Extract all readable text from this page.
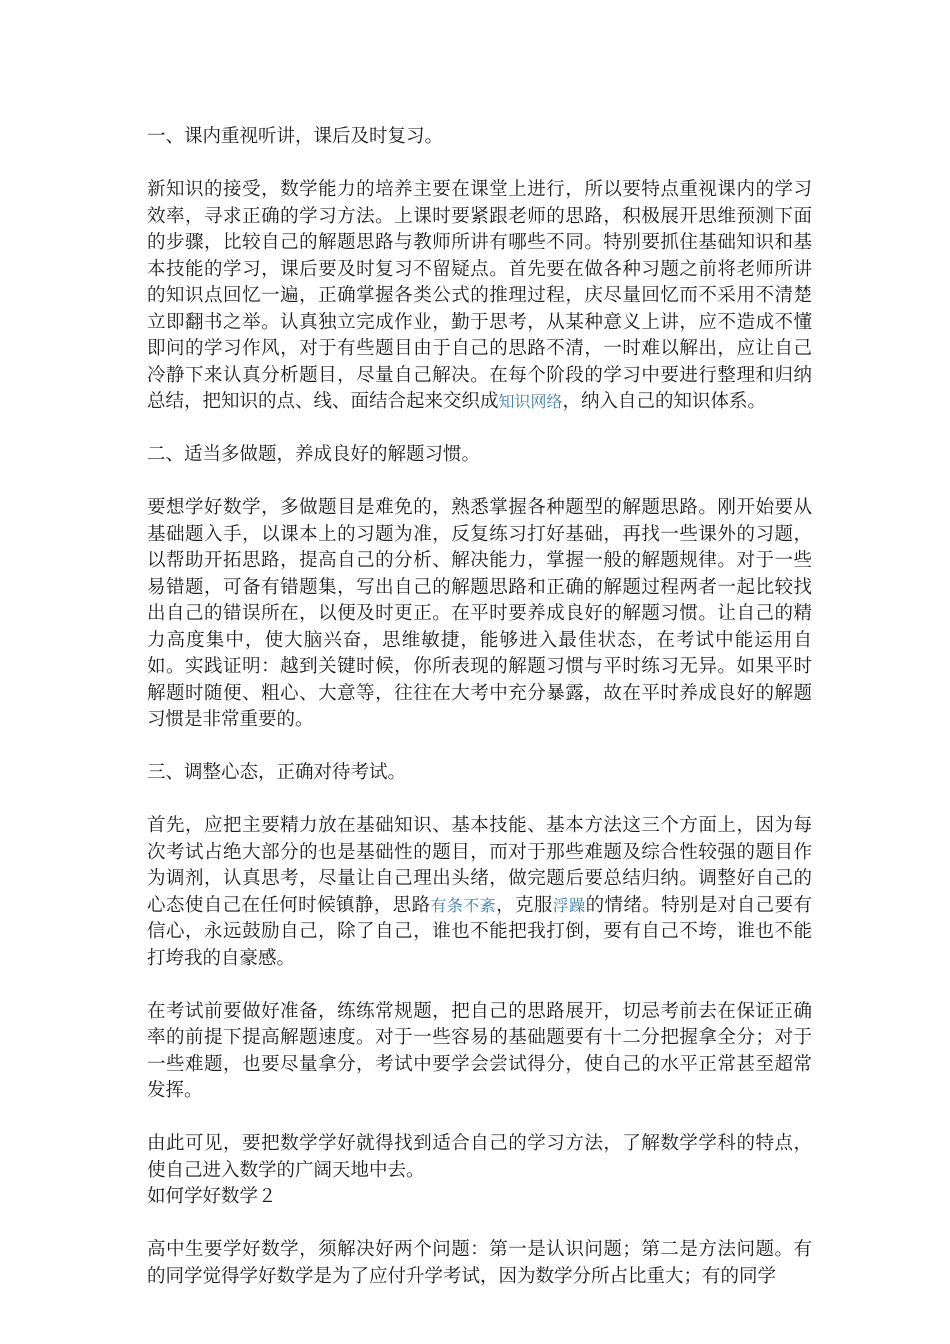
一、课内重视听讲，课后及时复习。

新知识的接受，数学能力的培养主要在课堂上进行，所以要特点重视课内的学习效率，寻求正确的学习方法。上课时要紧跟老师的思路，积极展开思维预测下面的步骤，比较自己的解题思路与教师所讲有哪些不同。特别要抓住基础知识和基本技能的学习，课后要及时复习不留疑点。首先要在做各种习题之前将老师所讲的知识点回忆一遍，正确掌握各类公式的推理过程，庆尽量回忆而不采用不清楚立即翻书之举。认真独立完成作业，勤于思考，从某种意义上讲，应不造成不懂即问的学习作风，对于有些题目由于自己的思路不清，一时难以解出，应让自己冷静下来认真分析题目，尽量自己解决。在每个阶段的学习中要进行整理和归纳总结，把知识的点、线、面结合起来交织成知识网络，纳入自己的知识体系。

二、适当多做题，养成良好的解题习惯。

要想学好数学，多做题目是难免的，熟悉掌握各种题型的解题思路。刚开始要从基础题入手，以课本上的习题为准，反复练习打好基础，再找一些课外的习题，以帮助开拓思路，提高自己的分析、解决能力，掌握一般的解题规律。对于一些易错题，可备有错题集，写出自己的解题思路和正确的解题过程两者一起比较找出自己的错误所在，以便及时更正。在平时要养成良好的解题习惯。让自己的精力高度集中，使大脑兴奋，思维敏捷，能够进入最佳状态，在考试中能运用自如。实践证明：越到关键时候，你所表现的解题习惯与平时练习无异。如果平时解题时随便、粗心、大意等，往往在大考中充分暴露，故在平时养成良好的解题习惯是非常重要的。

三、调整心态，正确对待考试。

首先，应把主要精力放在基础知识、基本技能、基本方法这三个方面上，因为每次考试占绝大部分的也是基础性的题目，而对于那些难题及综合性较强的题目作为调剂，认真思考，尽量让自己理出头绪，做完题后要总结归纳。调整好自己的心态使自己在任何时候镇静，思路有条不紊，克服浮躁的情绪。特别是对自己要有信心，永远鼓励自己，除了自己，谁也不能把我打倒，要有自己不垮，谁也不能打垮我的自豪感。

在考试前要做好准备，练练常规题，把自己的思路展开，切忌考前去在保证正确率的前提下提高解题速度。对于一些容易的基础题要有十二分把握拿全分；对于一些难题，也要尽量拿分，考试中要学会尝试得分，使自己的水平正常甚至超常发挥。

由此可见，要把数学学好就得找到适合自己的学习方法，了解数学学科的特点，使自己进入数学的广阔天地中去。

如何学好数学２

高中生要学好数学，须解决好两个问题：第一是认识问题；第二是方法问题。有的同学觉得学好数学是为了应付升学考试，因为数学分所占比重大；有的同学
